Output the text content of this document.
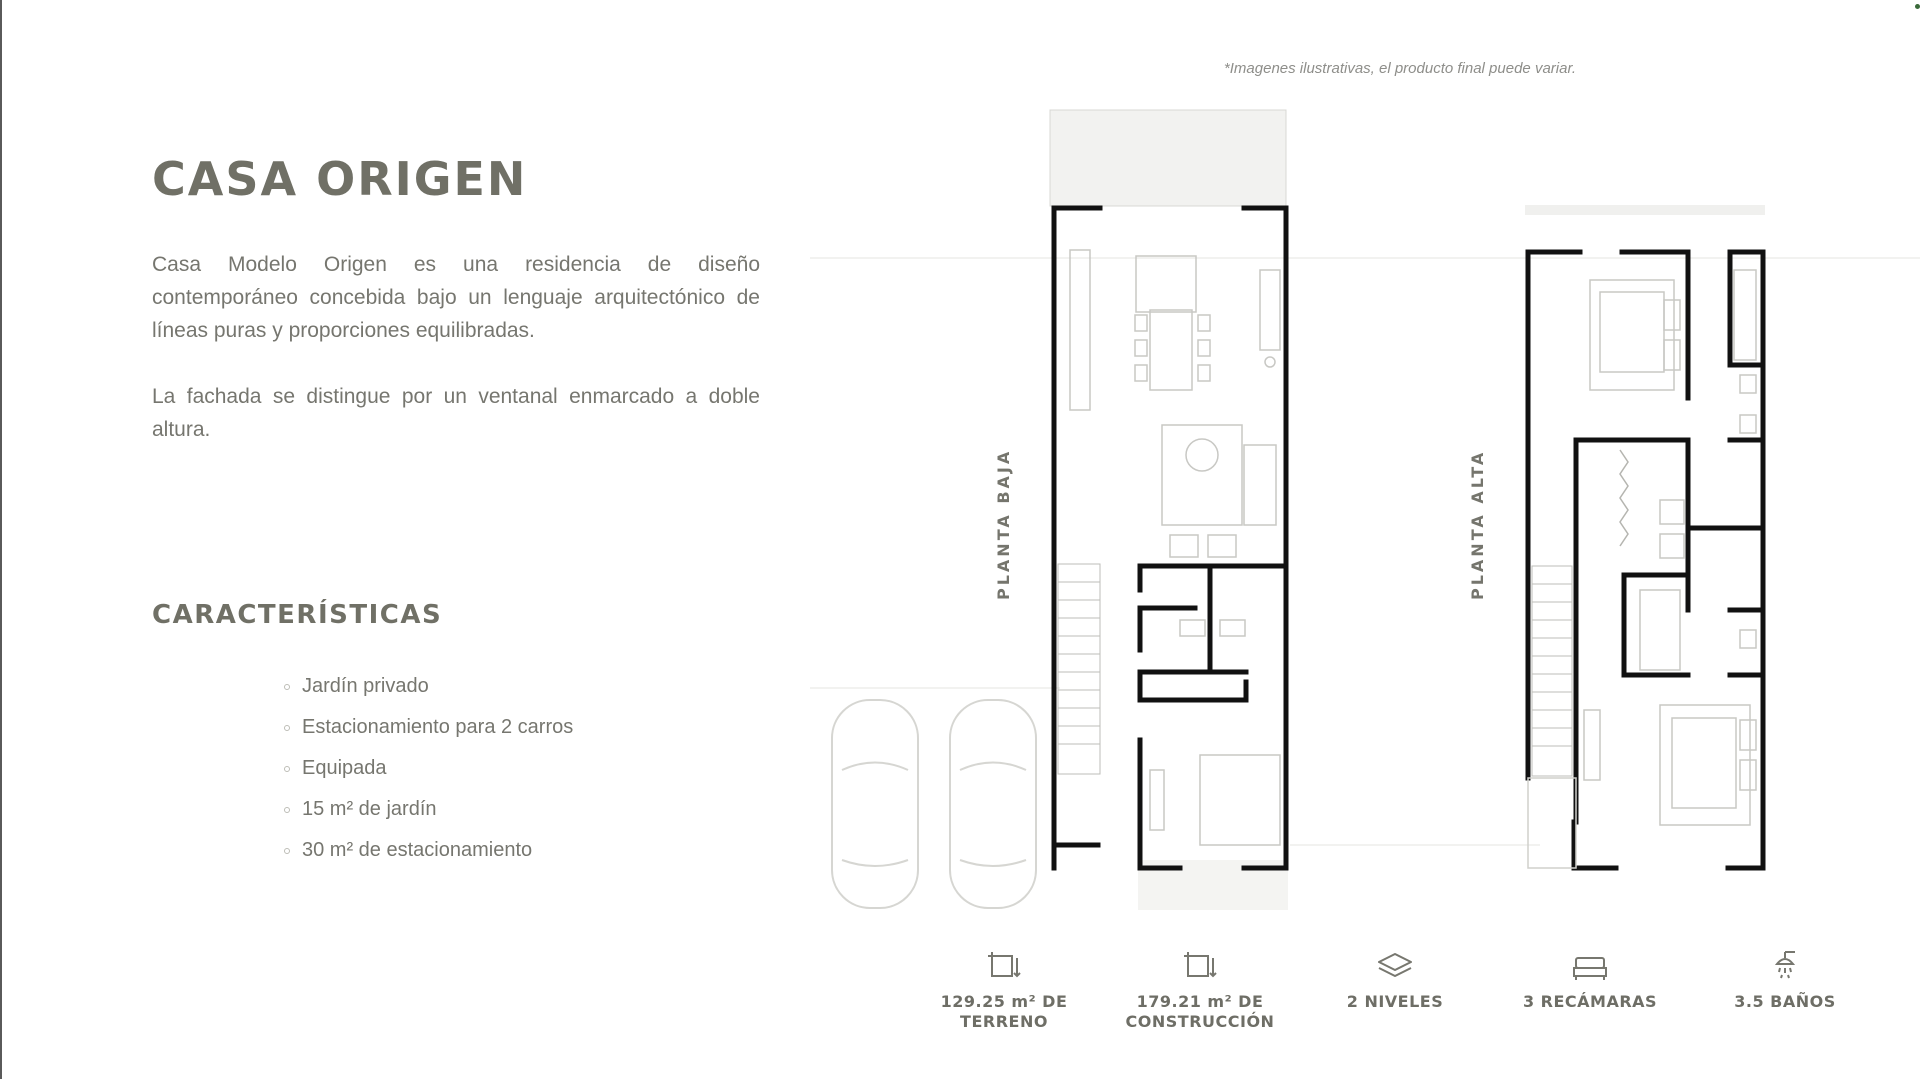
*Imagenes ilustrativas, el producto final puede variar.
CASA ORIGEN

Casa Modelo Origen es una residencia de diseño contemporáneo concebida bajo un lenguaje arquitectónico de líneas puras y proporciones equilibradas.

La fachada se distingue por un ventanal enmarcado a doble altura.

CARACTERÍSTICAS
Jardín privado
Estacionamiento para 2 carros
Equipada
15 m² de jardín
30 m² de estacionamiento
PLANTA BAJA	PLANTA ALTA
129.25 m² DE
TERRENO
179.21 m² DE
CONSTRUCCIÓN
2 NIVELES	3 RECÁMARAS	3.5 BAÑOS
